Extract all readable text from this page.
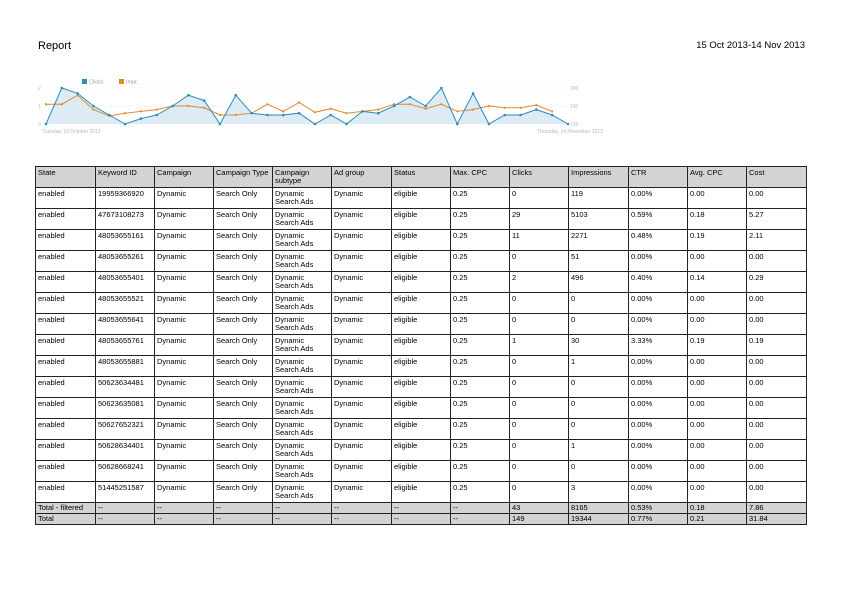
Report	15 Oct 2013-14 Nov 2013
2
1
0
200
100
100
Tuesday, 15 October 2013	Thursday, 14 November 2013
Clicks	Impr.
State	Keyword ID	Campaign	Campaign Type	Campaign subtype	Ad group	Status	Max. CPC	Clicks	Impressions	CTR	Avg. CPC	Cost
enabled	19959366920	Dynamic	Search Only	Dynamic Search Ads	Dynamic	eligible	0.25	0	119	0.00%	0.00	0.00
enabled	47673108273	Dynamic	Search Only	Dynamic Search Ads	Dynamic	eligible	0.25	29	5103	0.59%	0.18	5.27
enabled	48053655161	Dynamic	Search Only	Dynamic Search Ads	Dynamic	eligible	0.25	11	2271	0.48%	0.19	2.11
enabled	48053655261	Dynamic	Search Only	Dynamic Search Ads	Dynamic	eligible	0.25	0	51	0.00%	0.00	0.00
enabled	48053655401	Dynamic	Search Only	Dynamic Search Ads	Dynamic	eligible	0.25	2	496	0.40%	0.14	0.29
enabled	48053655521	Dynamic	Search Only	Dynamic Search Ads	Dynamic	eligible	0.25	0	0	0.00%	0.00	0.00
enabled	48053655641	Dynamic	Search Only	Dynamic Search Ads	Dynamic	eligible	0.25	0	0	0.00%	0.00	0.00
enabled	48053655761	Dynamic	Search Only	Dynamic Search Ads	Dynamic	eligible	0.25	1	30	3.33%	0.19	0.19
enabled	48053655881	Dynamic	Search Only	Dynamic Search Ads	Dynamic	eligible	0.25	0	1	0.00%	0.00	0.00
enabled	50623634481	Dynamic	Search Only	Dynamic Search Ads	Dynamic	eligible	0.25	0	0	0.00%	0.00	0.00
enabled	50623635081	Dynamic	Search Only	Dynamic Search Ads	Dynamic	eligible	0.25	0	0	0.00%	0.00	0.00
enabled	50627652321	Dynamic	Search Only	Dynamic Search Ads	Dynamic	eligible	0.25	0	0	0.00%	0.00	0.00
enabled	50628634401	Dynamic	Search Only	Dynamic Search Ads	Dynamic	eligible	0.25	0	1	0.00%	0.00	0.00
enabled	50628668241	Dynamic	Search Only	Dynamic Search Ads	Dynamic	eligible	0.25	0	0	0.00%	0.00	0.00
enabled	51445251587	Dynamic	Search Only	Dynamic Search Ads	Dynamic	eligible	0.25	0	3	0.00%	0.00	0.00
Total - filtered	--	--	--	--	--	--	--	43	8165	0.53%	0.18	7.86
Total	--	--	--	--	--	--	--	149	19344	0.77%	0.21	31.84
